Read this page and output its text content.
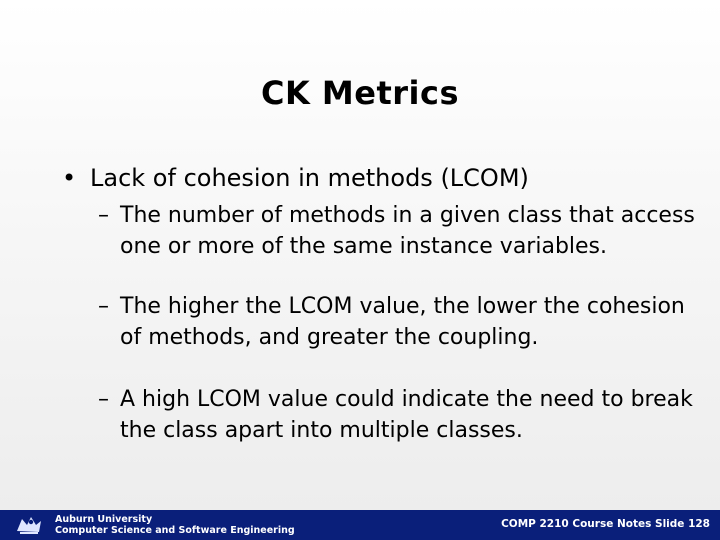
CK Metrics
• Lack of cohesion in methods (LCOM)
– The number of methods in a given class that access one or more of the same instance variables.
– The higher the LCOM value, the lower the cohesion of methods, and greater the coupling.
– A high LCOM value could indicate the need to break the class apart into multiple classes.
Auburn University
Computer Science and Software Engineering
COMP 2210 Course Notes Slide 128
